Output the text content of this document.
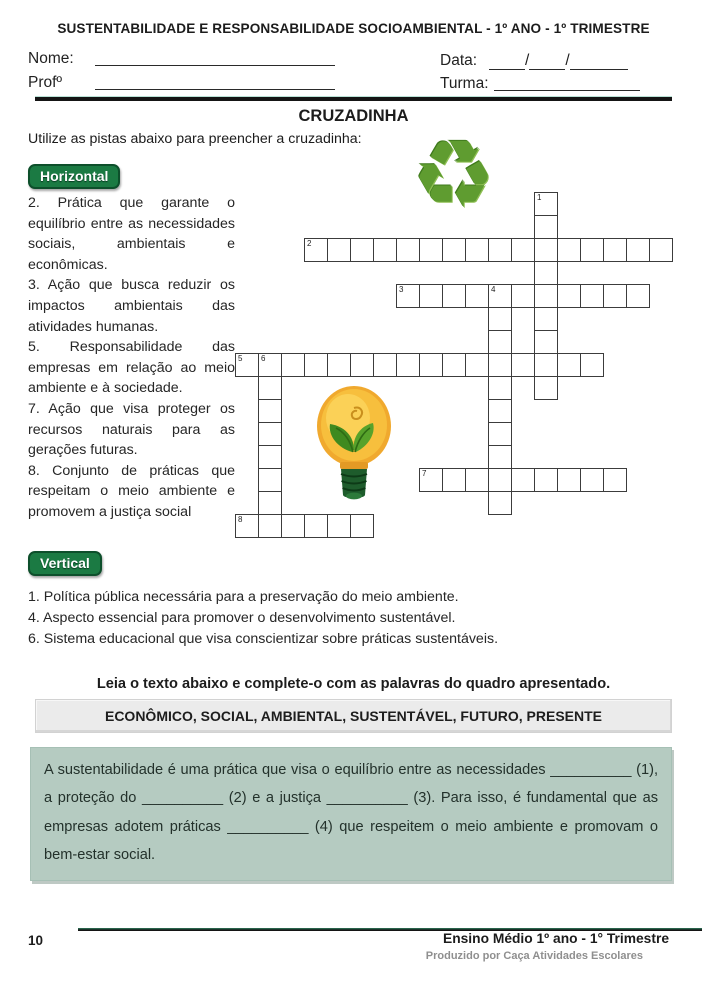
SUSTENTABILIDADE E RESPONSABILIDADE SOCIOAMBIENTAL - 1º ANO - 1º TRIMESTRE
Nome:	Data:	/ /
Profº	Turma:
CRUZADINHA
Utilize as pistas abaixo para preencher a cruzadinha:
Horizontal

2. Prática que garante o equilíbrio entre as necessidades sociais, ambientais e econômicas.

3. Ação que busca reduzir os impactos ambientais das atividades humanas.

5. Responsabilidade das empresas em relação ao meio ambiente e à sociedade.

7. Ação que visa proteger os recursos naturais para as gerações futuras.

8. Conjunto de práticas que respeitam o meio ambiente e promovem a justiça social

1
2
3	4
5 6
7
8
♻
Vertical

1. Política pública necessária para a preservação do meio ambiente.

4. Aspecto essencial para promover o desenvolvimento sustentável.

6. Sistema educacional que visa conscientizar sobre práticas sustentáveis.

Leia o texto abaixo e complete-o com as palavras do quadro apresentado.
ECONÔMICO, SOCIAL, AMBIENTAL, SUSTENTÁVEL, FUTURO, PRESENTE
A sustentabilidade é uma prática que visa o equilíbrio entre as necessidades __________ (1), a proteção do __________ (2) e a justiça __________ (3). Para isso, é fundamental que as empresas adotem práticas __________ (4) que respeitem o meio ambiente e promovam o bem-estar social.
10	Ensino Médio 1º ano - 1° Trimestre
Produzido por Caça Atividades Escolares
